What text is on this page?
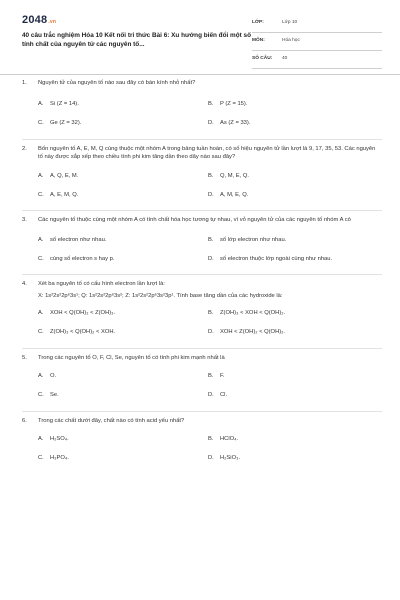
2048.vn
40 câu trắc nghiệm Hóa 10 Kết nối tri thức Bài 6: Xu hướng biến đổi một số tính chất của nguyên tử các nguyên tố...
LỚP:	Lớp 10
MÔN:	Hóa học
SỐ CÂU:	40
1.	Nguyên tử của nguyên tố nào sau đây có bán kính nhỏ nhất?
A.	Si (Z = 14).	B.	P (Z = 15).
C.	Ge (Z = 32).	D.	As (Z = 33).
2.	Bốn nguyên tố A, E, M, Q cùng thuộc một nhóm A trong bảng tuần hoàn, có số hiệu nguyên tử lần lượt là 9, 17, 35, 53. Các nguyên tố này được sắp xếp theo chiều tính phi kim tăng dần theo dãy nào sau đây?
A.	A, Q, E, M.	B.	Q, M, E, Q.
C.	A, E, M, Q.	D.	A, M, E, Q.
3.	Các nguyên tố thuộc cùng một nhóm A có tính chất hóa học tương tự nhau, vì vỏ nguyên tử của các nguyên tố nhóm A có
A.	số electron như nhau.	B.	số lớp electron như nhau.
C.	cùng số electron s hay p.	D.	số electron thuộc lớp ngoài cùng như nhau.
4.	Xét ba nguyên tố có cấu hình electron lần lượt là:
X: 1s²2s²2p⁶3s¹; Q: 1s²2s²2p⁶3s²; Z: 1s²2s²2p⁶3s²3p¹. Tính base tăng dần của các hydroxide là:
A.	XOH < Q(OH)₂ < Z(OH)₃.	B.	Z(OH)₃ < XOH < Q(OH)₂.
C.	Z(OH)₃ < Q(OH)₂ < XOH.	D.	XOH < Z(OH)₂ < Q(OH)₂.
5.	Trong các nguyên tố O, F, Cl, Se, nguyên tố có tính phi kim mạnh nhất là
A.	O.	B.	F.
C.	Se.	D.	Cl.
6.	Trong các chất dưới đây, chất nào có tính acid yếu nhất?
A.	H₂SO₄.	B.	HClO₄.
C.	H₃PO₄.	D.	H₂SiO₃.
